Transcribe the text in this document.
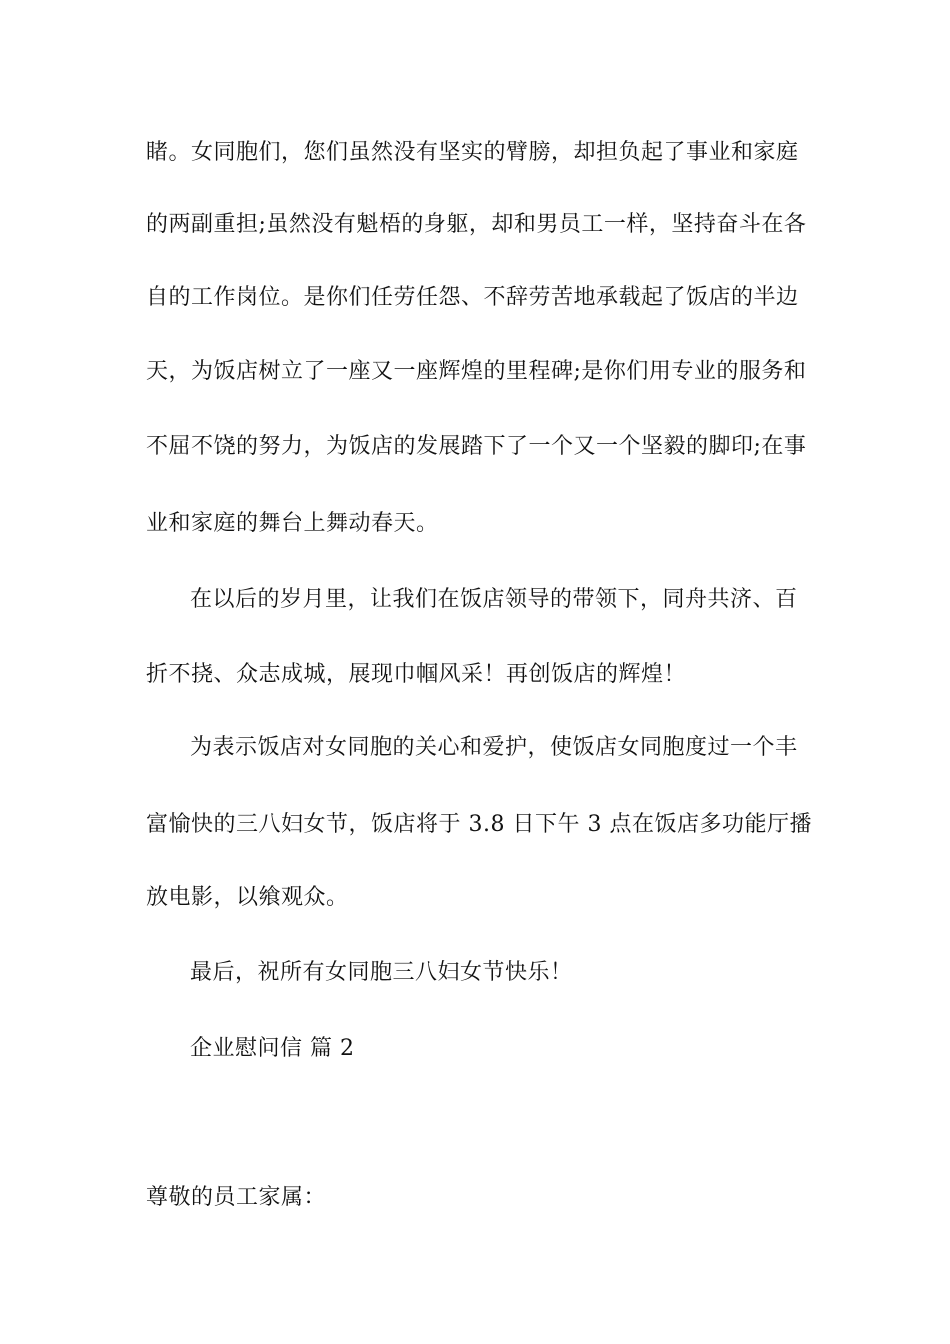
睹。女同胞们，您们虽然没有坚实的臂膀，却担负起了事业和家庭
的两副重担;虽然没有魁梧的身躯，却和男员工一样，坚持奋斗在各
自的工作岗位。是你们任劳任怨、不辞劳苦地承载起了饭店的半边
天，为饭店树立了一座又一座辉煌的里程碑;是你们用专业的服务和
不屈不饶的努力，为饭店的发展踏下了一个又一个坚毅的脚印;在事
业和家庭的舞台上舞动春天。
在以后的岁月里，让我们在饭店领导的带领下，同舟共济、百
折不挠、众志成城，展现巾帼风采！再创饭店的辉煌！
为表示饭店对女同胞的关心和爱护，使饭店女同胞度过一个丰
富愉快的三八妇女节，饭店将于 3.8 日下午 3 点在饭店多功能厅播
放电影，以飨观众。
最后，祝所有女同胞三八妇女节快乐！
企业慰问信 篇 2
尊敬的员工家属：
